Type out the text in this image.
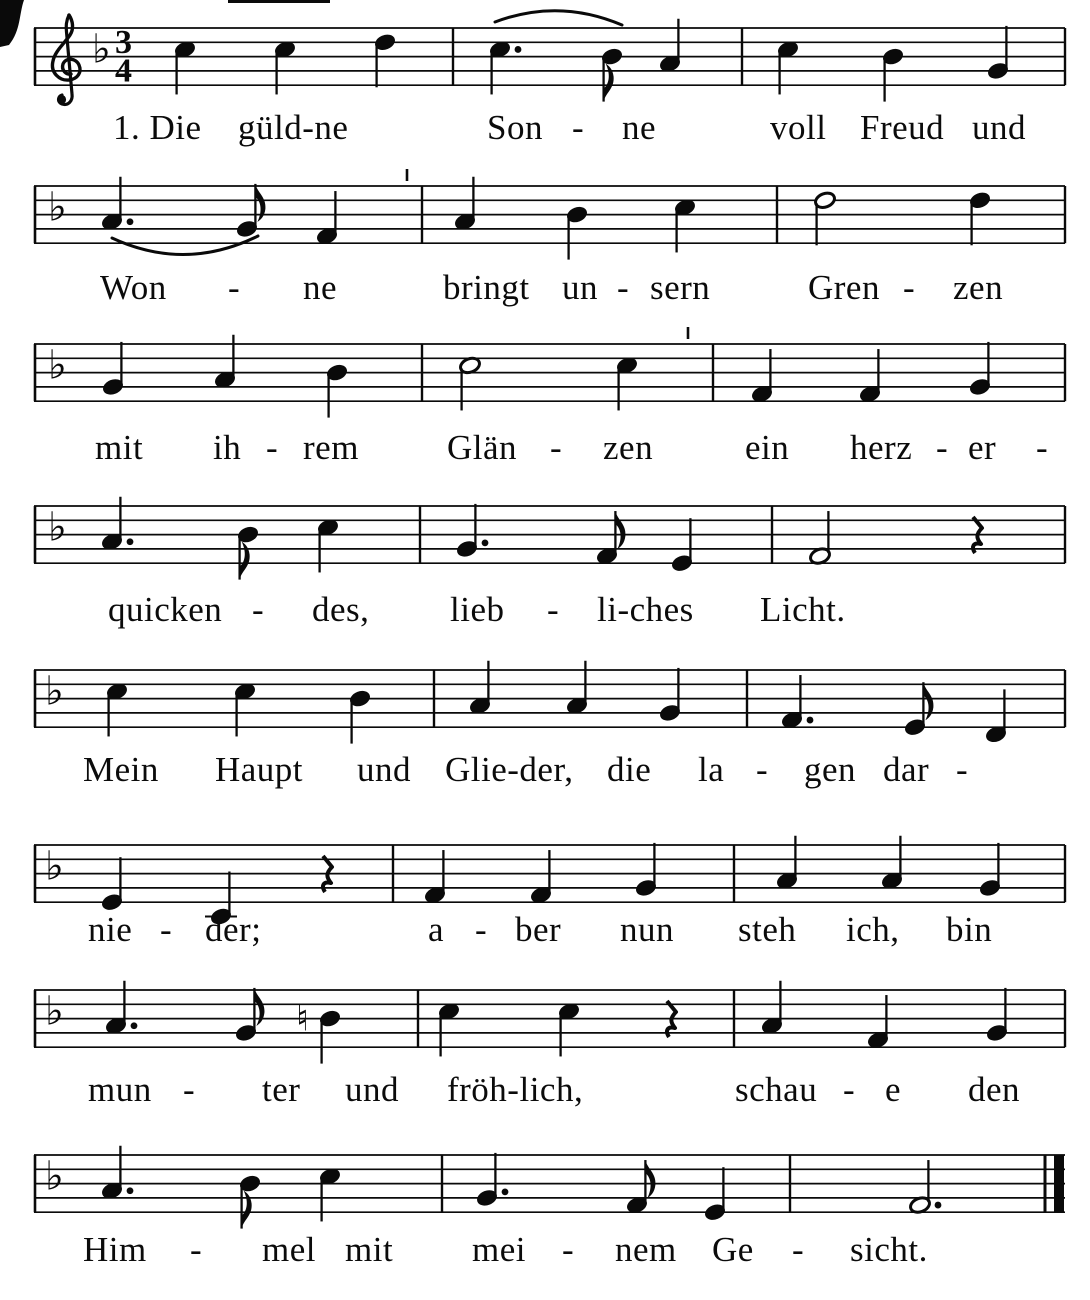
♭ 3
4
♭
♭
♭
♭
♭
♭	♮
♭
1. Die güld-ne	Son - ne	voll Freud und
Won - ne	bringt un - sern	Gren - zen
mit ih - rem	Glän - zen	ein herz - er -
quicken - des, lieb - li-ches Licht.
Mein Haupt und Glie-der, die la - gen dar -
nie - der;	a - ber nun steh ich, bin
mun - ter und fröh-lich,	schau - e den
Him - mel mit mei - nem Ge - sicht.
